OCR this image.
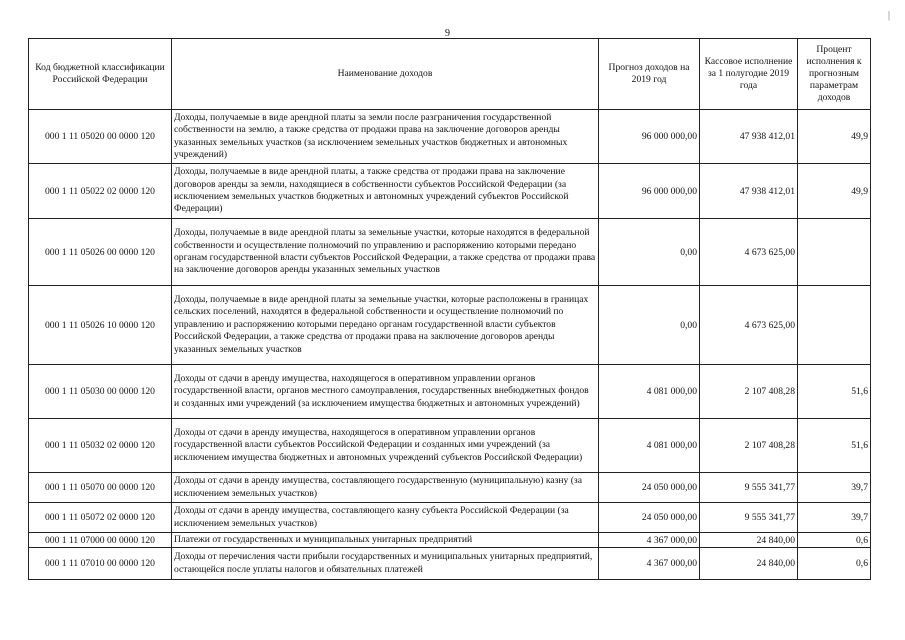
9
|
Код бюджетной классификации Российской Федерации	Наименование доходов	Прогноз доходов на 2019 год	Кассовое исполнение за 1 полугодие 2019 года	Процент исполнения к прогнозным параметрам доходов
000 1 11 05020 00 0000 120	Доходы, получаемые в виде арендной платы за земли после разграничения государственной собственности на землю, а также средства от продажи права на заключение договоров аренды указанных земельных участков (за исключением земельных участков бюджетных и автономных учреждений)	96 000 000,00	47 938 412,01	49,9
000 1 11 05022 02 0000 120	Доходы, получаемые в виде арендной платы, а также средства от продажи права на заключение договоров аренды за земли, находящиеся в собственности субъектов Российской Федерации (за исключением земельных участков бюджетных и автономных учреждений субъектов Российской Федерации)	96 000 000,00	47 938 412,01	49,9
000 1 11 05026 00 0000 120	Доходы, получаемые в виде арендной платы за земельные участки, которые находятся в федеральной собственности и осуществление полномочий по управлению и распоряжению которыми передано органам государственной власти субъектов Российской Федерации, а также средства от продажи права на заключение договоров аренды указанных земельных участков	0,00	4 673 625,00	
000 1 11 05026 10 0000 120	Доходы, получаемые в виде арендной платы за земельные участки, которые расположены в границах сельских поселений, находятся в федеральной собственности и осуществление полномочий по управлению и распоряжению которыми передано органам государственной власти субъектов Российской Федерации, а также средства от продажи права на заключение договоров аренды указанных земельных участков	0,00	4 673 625,00	
000 1 11 05030 00 0000 120	Доходы от сдачи в аренду имущества, находящегося в оперативном управлении органов государственной власти, органов местного самоуправления, государственных внебюджетных фондов и созданных ими учреждений (за исключением имущества бюджетных и автономных учреждений)	4 081 000,00	2 107 408,28	51,6
000 1 11 05032 02 0000 120	Доходы от сдачи в аренду имущества, находящегося в оперативном управлении органов государственной власти субъектов Российской Федерации и созданных ими учреждений (за исключением имущества бюджетных и автономных учреждений субъектов Российской Федерации)	4 081 000,00	2 107 408,28	51,6
000 1 11 05070 00 0000 120	Доходы от сдачи в аренду имущества, составляющего государственную (муниципальную) казну (за исключением земельных участков)	24 050 000,00	9 555 341,77	39,7
000 1 11 05072 02 0000 120	Доходы от сдачи в аренду имущества, составляющего казну субъекта Российской Федерации (за исключением земельных участков)	24 050 000,00	9 555 341,77	39,7
000 1 11 07000 00 0000 120	Платежи от государственных и муниципальных унитарных предприятий	4 367 000,00	24 840,00	0,6
000 1 11 07010 00 0000 120	Доходы от перечисления части прибыли государственных и муниципальных унитарных предприятий, остающейся после уплаты налогов и обязательных платежей	4 367 000,00	24 840,00	0,6
